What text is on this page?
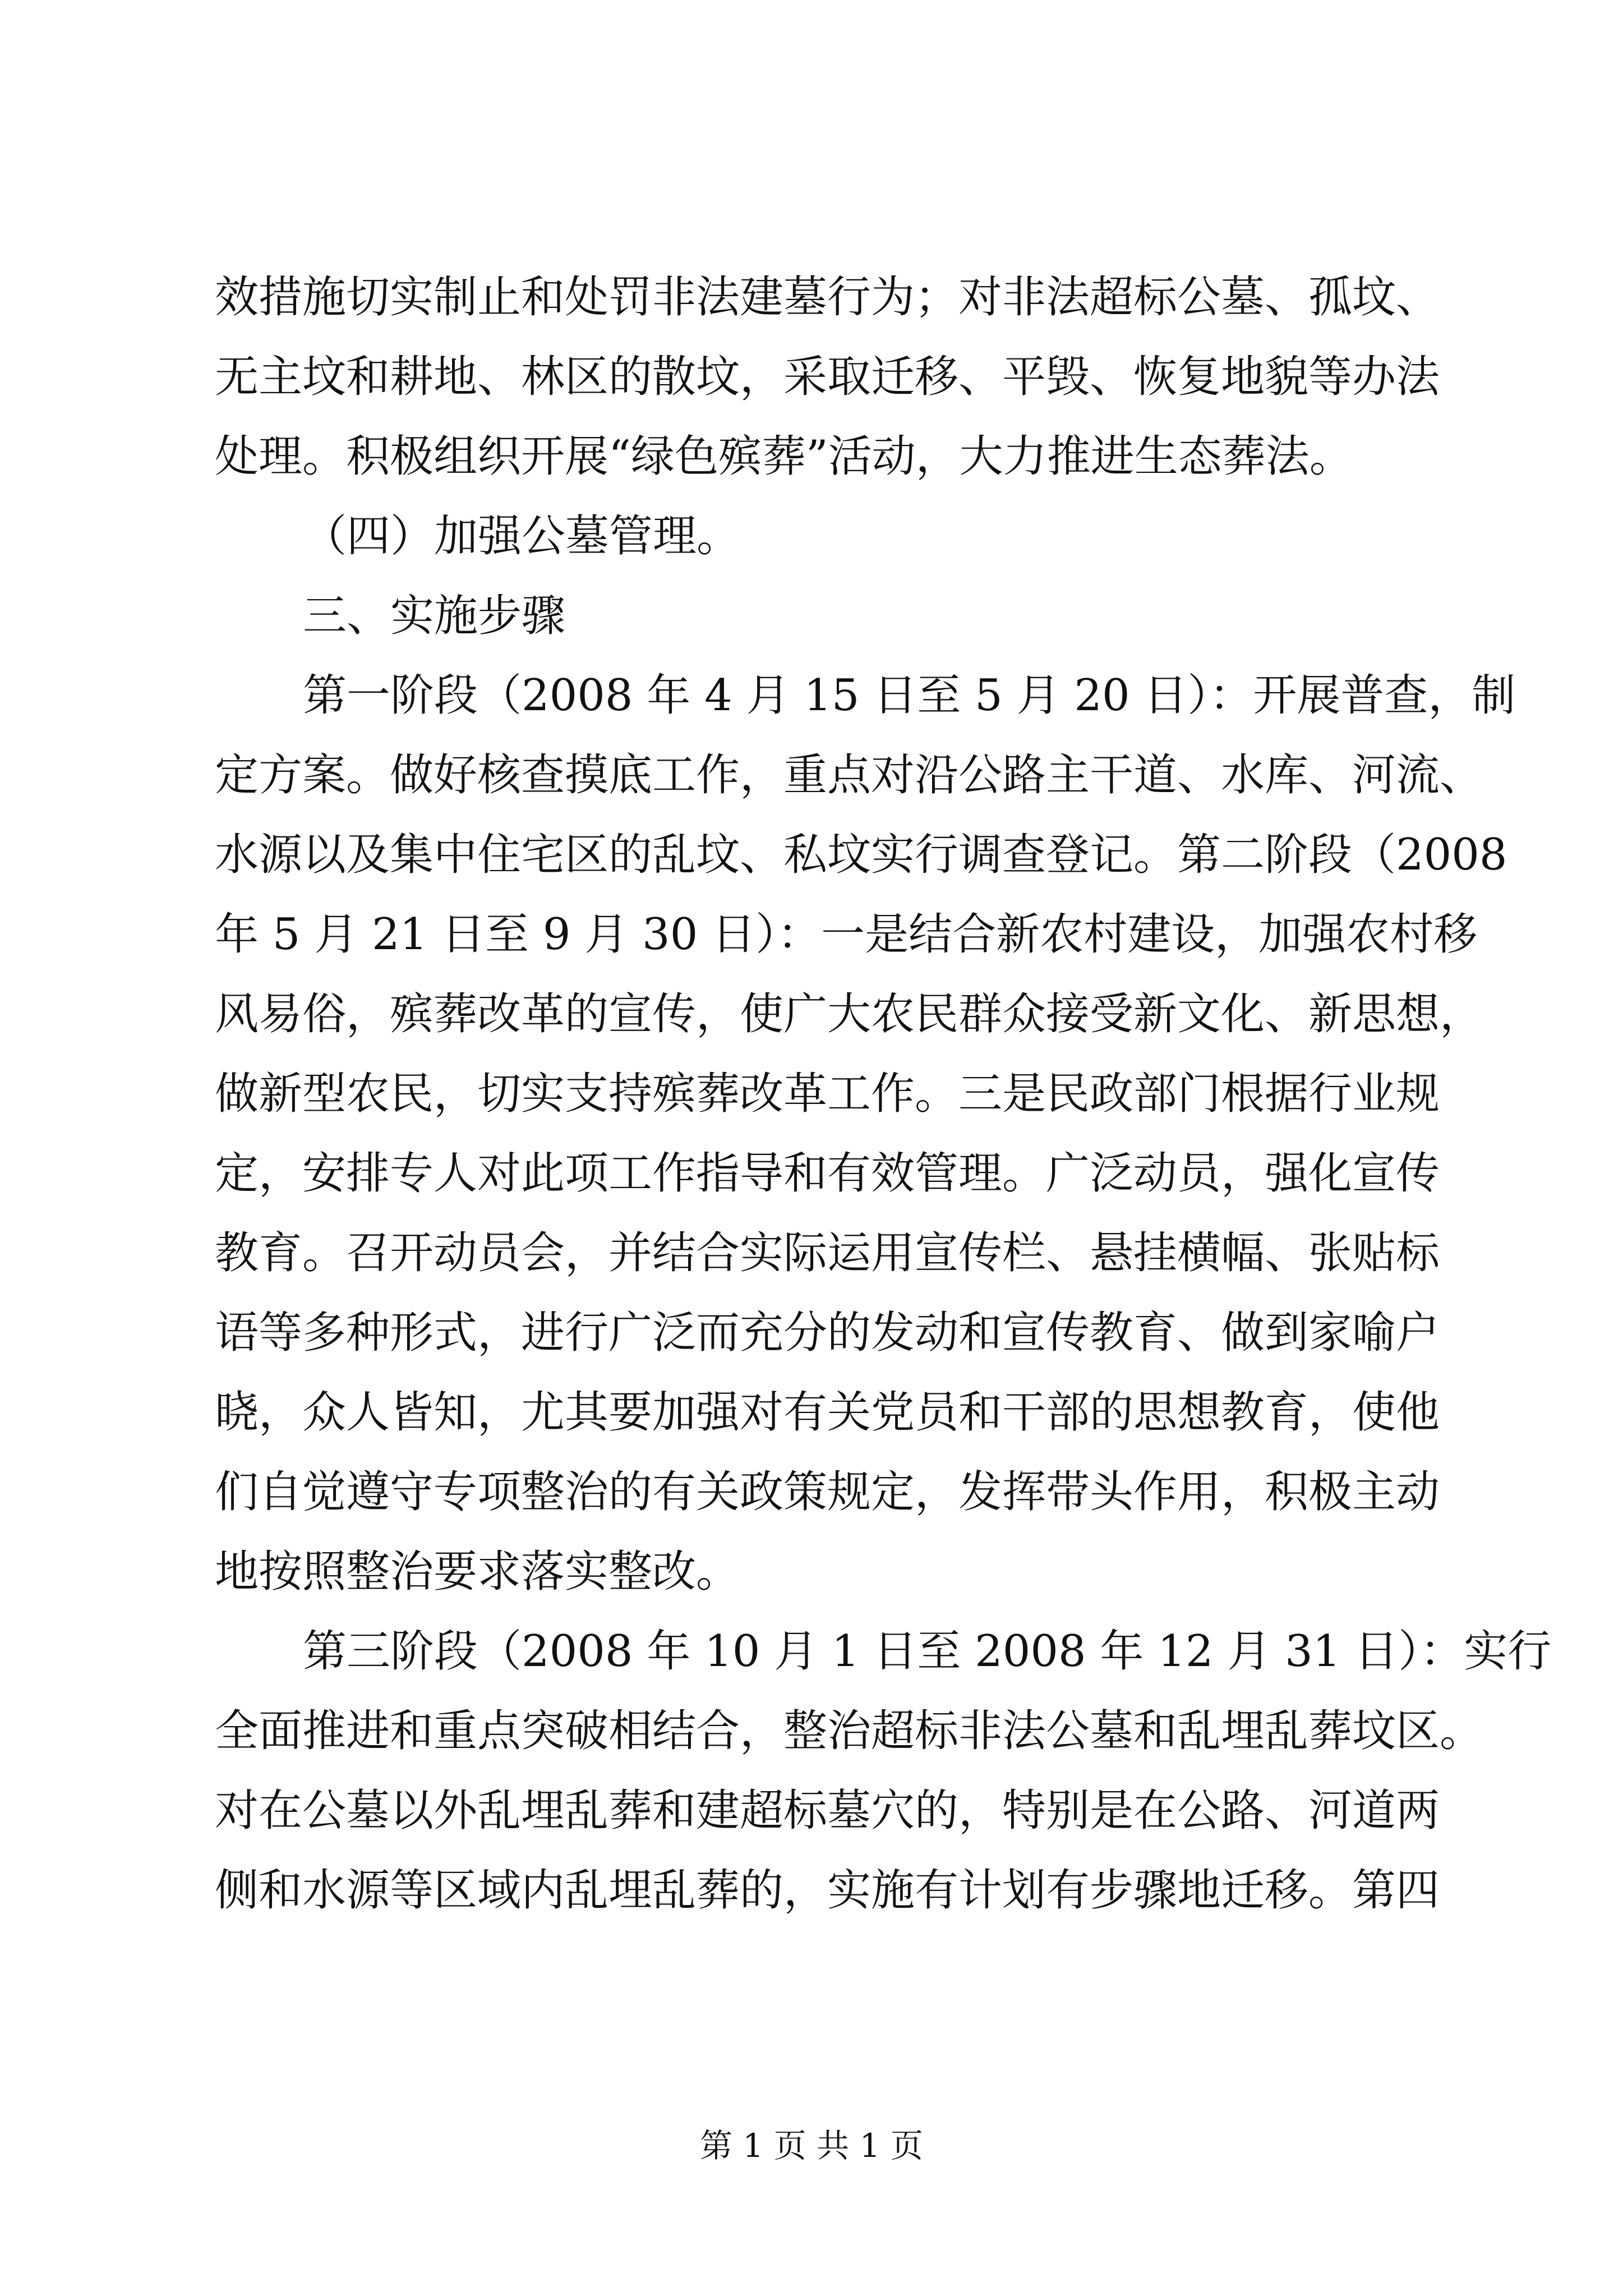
效措施切实制止和处罚非法建墓行为；对非法超标公墓、孤坟、
无主坟和耕地、林区的散坟，采取迁移、平毁、恢复地貌等办法
处理。积极组织开展“绿色殡葬”活动，大力推进生态葬法。
（四）加强公墓管理。
三、实施步骤
第一阶段（2008 年 4 月 15 日至 5 月 20 日）：开展普查，制
定方案。做好核查摸底工作，重点对沿公路主干道、水库、河流、
水源以及集中住宅区的乱坟、私坟实行调查登记。第二阶段（2008
年 5 月 21 日至 9 月 30 日）：一是结合新农村建设，加强农村移
风易俗，殡葬改革的宣传，使广大农民群众接受新文化、新思想，
做新型农民，切实支持殡葬改革工作。三是民政部门根据行业规
定，安排专人对此项工作指导和有效管理。广泛动员，强化宣传
教育。召开动员会，并结合实际运用宣传栏、悬挂横幅、张贴标
语等多种形式，进行广泛而充分的发动和宣传教育、做到家喻户
晓，众人皆知，尤其要加强对有关党员和干部的思想教育，使他
们自觉遵守专项整治的有关政策规定，发挥带头作用，积极主动
地按照整治要求落实整改。
第三阶段（2008 年 10 月 1 日至 2008 年 12 月 31 日）：实行
全面推进和重点突破相结合，整治超标非法公墓和乱埋乱葬坟区。
对在公墓以外乱埋乱葬和建超标墓穴的，特别是在公路、河道两
侧和水源等区域内乱埋乱葬的，实施有计划有步骤地迁移。第四
第 1 页 共 1 页
